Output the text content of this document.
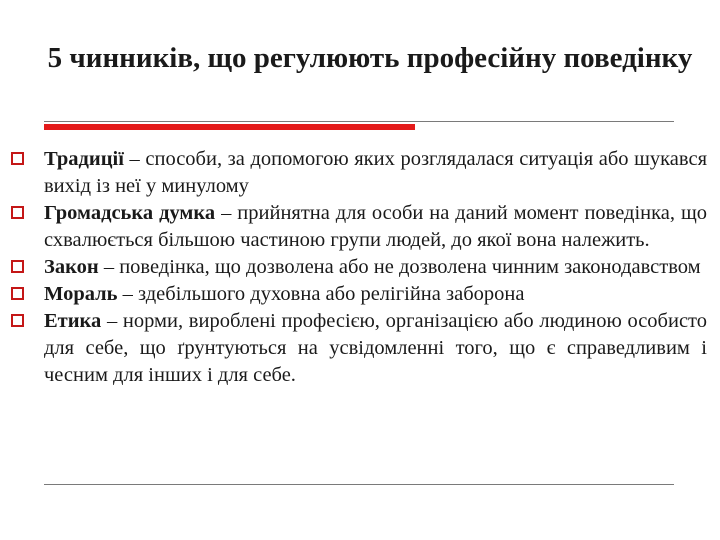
5 чинників, що регулюють професійну поведінку
Традиції – способи, за допомогою яких розглядалася ситуація або шукався вихід із неї у минулому
Громадська думка – прийнятна для особи на даний момент поведінка, що схвалюється більшою частиною групи людей, до якої вона належить.
Закон – поведінка, що дозволена або не дозволена чинним законодавством
Мораль – здебільшого духовна або релігійна заборона
Етика – норми, вироблені професією, організацією або людиною особисто для себе, що ґрунтуються на усвідомленні того, що є справедливим і чесним для інших і для себе.
